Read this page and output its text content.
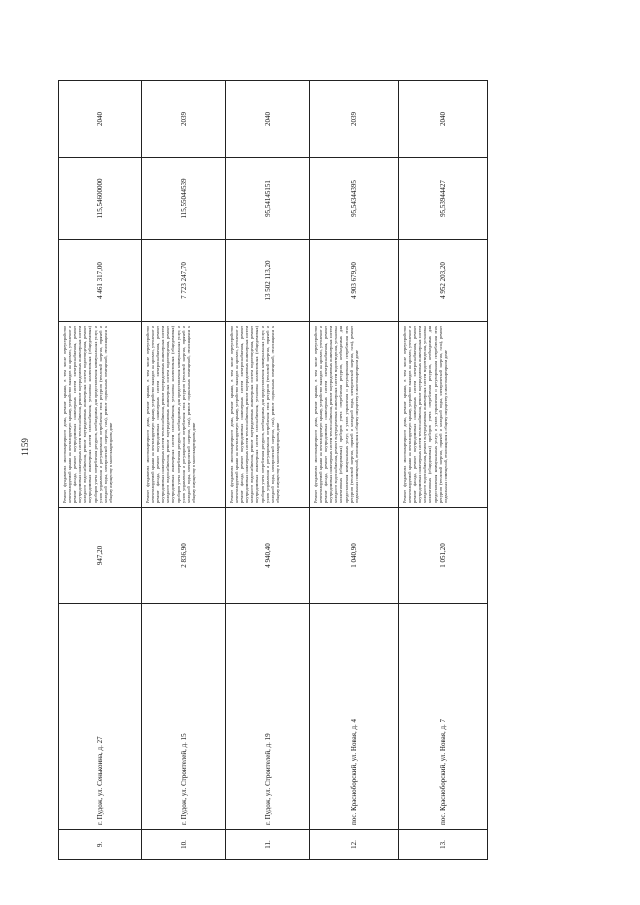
1159
9.
г. Пудож, ул. Сенькоина, д. 27
947,20
Ремонт фундамента многоквартирного дома, ремонт крыши, в том числе переустройство невентилируемой крыши на вентилируемую крышу, устройство выходов на кровлю, утепление и ремонт фасада, ремонт внутридомовых инженерных систем электроснабжения, ремонт внутридомовых инженерных систем теплоснабжения, ремонт внутридомовых инженерных систем холодного водоснабжения, ремонт внутридомовых инженерных систем водоотведения, ремонт внутридомовых инженерных систем газоснабжения, установка коллективных (общедомовых) приборов учета потребления ресурсов, необходимых для предоставления коммунальных услуг, и узлов управления и регулирования потребления этих ресурсов (тепловой энергии, горячей и холодной воды, электрической энергии, газа), ремонт подвальных помещений, относящихся к общему имуществу в многоквартирном доме
4 461 317,00
115,54600000
2040
10.
г. Пудож, ул. Строителей, д. 15
2 836,90
Ремонт фундамента многоквартирного дома, ремонт крыши, в том числе переустройство невентилируемой крыши на вентилируемую крышу, устройство выходов на кровлю, утепление и ремонт фасада, ремонт внутридомовых инженерных систем электроснабжения, ремонт внутридомовых инженерных систем теплоснабжения, ремонт внутридомовых инженерных систем холодного водоснабжения, ремонт внутридомовых инженерных систем водоотведения, ремонт внутридомовых инженерных систем газоснабжения, установка коллективных (общедомовых) приборов учета потребления ресурсов, необходимых для предоставления коммунальных услуг, и узлов управления и регулирования потребления этих ресурсов (тепловой энергии, горячей и холодной воды, электрической энергии, газа), ремонт подвальных помещений, относящихся к общему имуществу в многоквартирном доме
7 723 247,70
115,55044539
2039
11.
г. Пудож, ул. Строителей, д. 19
4 940,40
Ремонт фундамента многоквартирного дома, ремонт крыши, в том числе переустройство невентилируемой крыши на вентилируемую крышу, устройство выходов на кровлю, утепление и ремонт фасада, ремонт внутридомовых инженерных систем электроснабжения, ремонт внутридомовых инженерных систем теплоснабжения, ремонт внутридомовых инженерных систем холодного водоснабжения, ремонт внутридомовых инженерных систем водоотведения, ремонт внутридомовых инженерных систем газоснабжения, установка коллективных (общедомовых) приборов учета потребления ресурсов, необходимых для предоставления коммунальных услуг, и узлов управления и регулирования потребления этих ресурсов (тепловой энергии, горячей и холодной воды, электрической энергии, газа), ремонт подвальных помещений, относящихся к общему имуществу в многоквартирном доме
13 502 113,20
95,54145151
2040
12.
пос. Красноборский, ул. Новая, д. 4
1 040,90
Ремонт фундамента многоквартирного дома, ремонт крыши, в том числе переустройство невентилируемой крыши на вентилируемую крышу, устройство выходов на кровлю, утепление и ремонт фасада, ремонт внутридомовых инженерных систем электроснабжения, ремонт внутридомовых инженерных систем теплоснабжения, ремонт внутридомовых инженерных систем холодного водоснабжения, ремонт внутридомовых инженерных систем водоотведения, установка коллективных (общедомовых) приборов учета потребления ресурсов, необходимых для предоставления коммунальных услуг, и узлов управления и регулирования потребления этих ресурсов (тепловой энергии, горячей и холодной воды, электрической энергии, газа), ремонт подвальных помещений, относящихся к общему имуществу в многоквартирном доме
4 903 679,90
95,54344395
2039
13.
пос. Красноборский, ул. Новая, д. 7
1 051,20
Ремонт фундамента многоквартирного дома, ремонт крыши, в том числе переустройство невентилируемой крыши на вентилируемую крышу, устройство выходов на кровлю, утепление и ремонт фасада, ремонт внутридомовых инженерных систем электроснабжения, ремонт внутридомовых инженерных систем теплоснабжения, ремонт внутридомовых инженерных систем холодного водоснабжения, ремонт внутридомовых инженерных систем водоотведения, установка коллективных (общедомовых) приборов учета потребления ресурсов, необходимых для предоставления коммунальных услуг, и узлов управления и регулирования потребления этих ресурсов (тепловой энергии, горячей и холодной воды, электрической энергии, газа), ремонт подвальных помещений, относящихся к общему имуществу в многоквартирном доме
4 952 203,20
95,53944427
2040
